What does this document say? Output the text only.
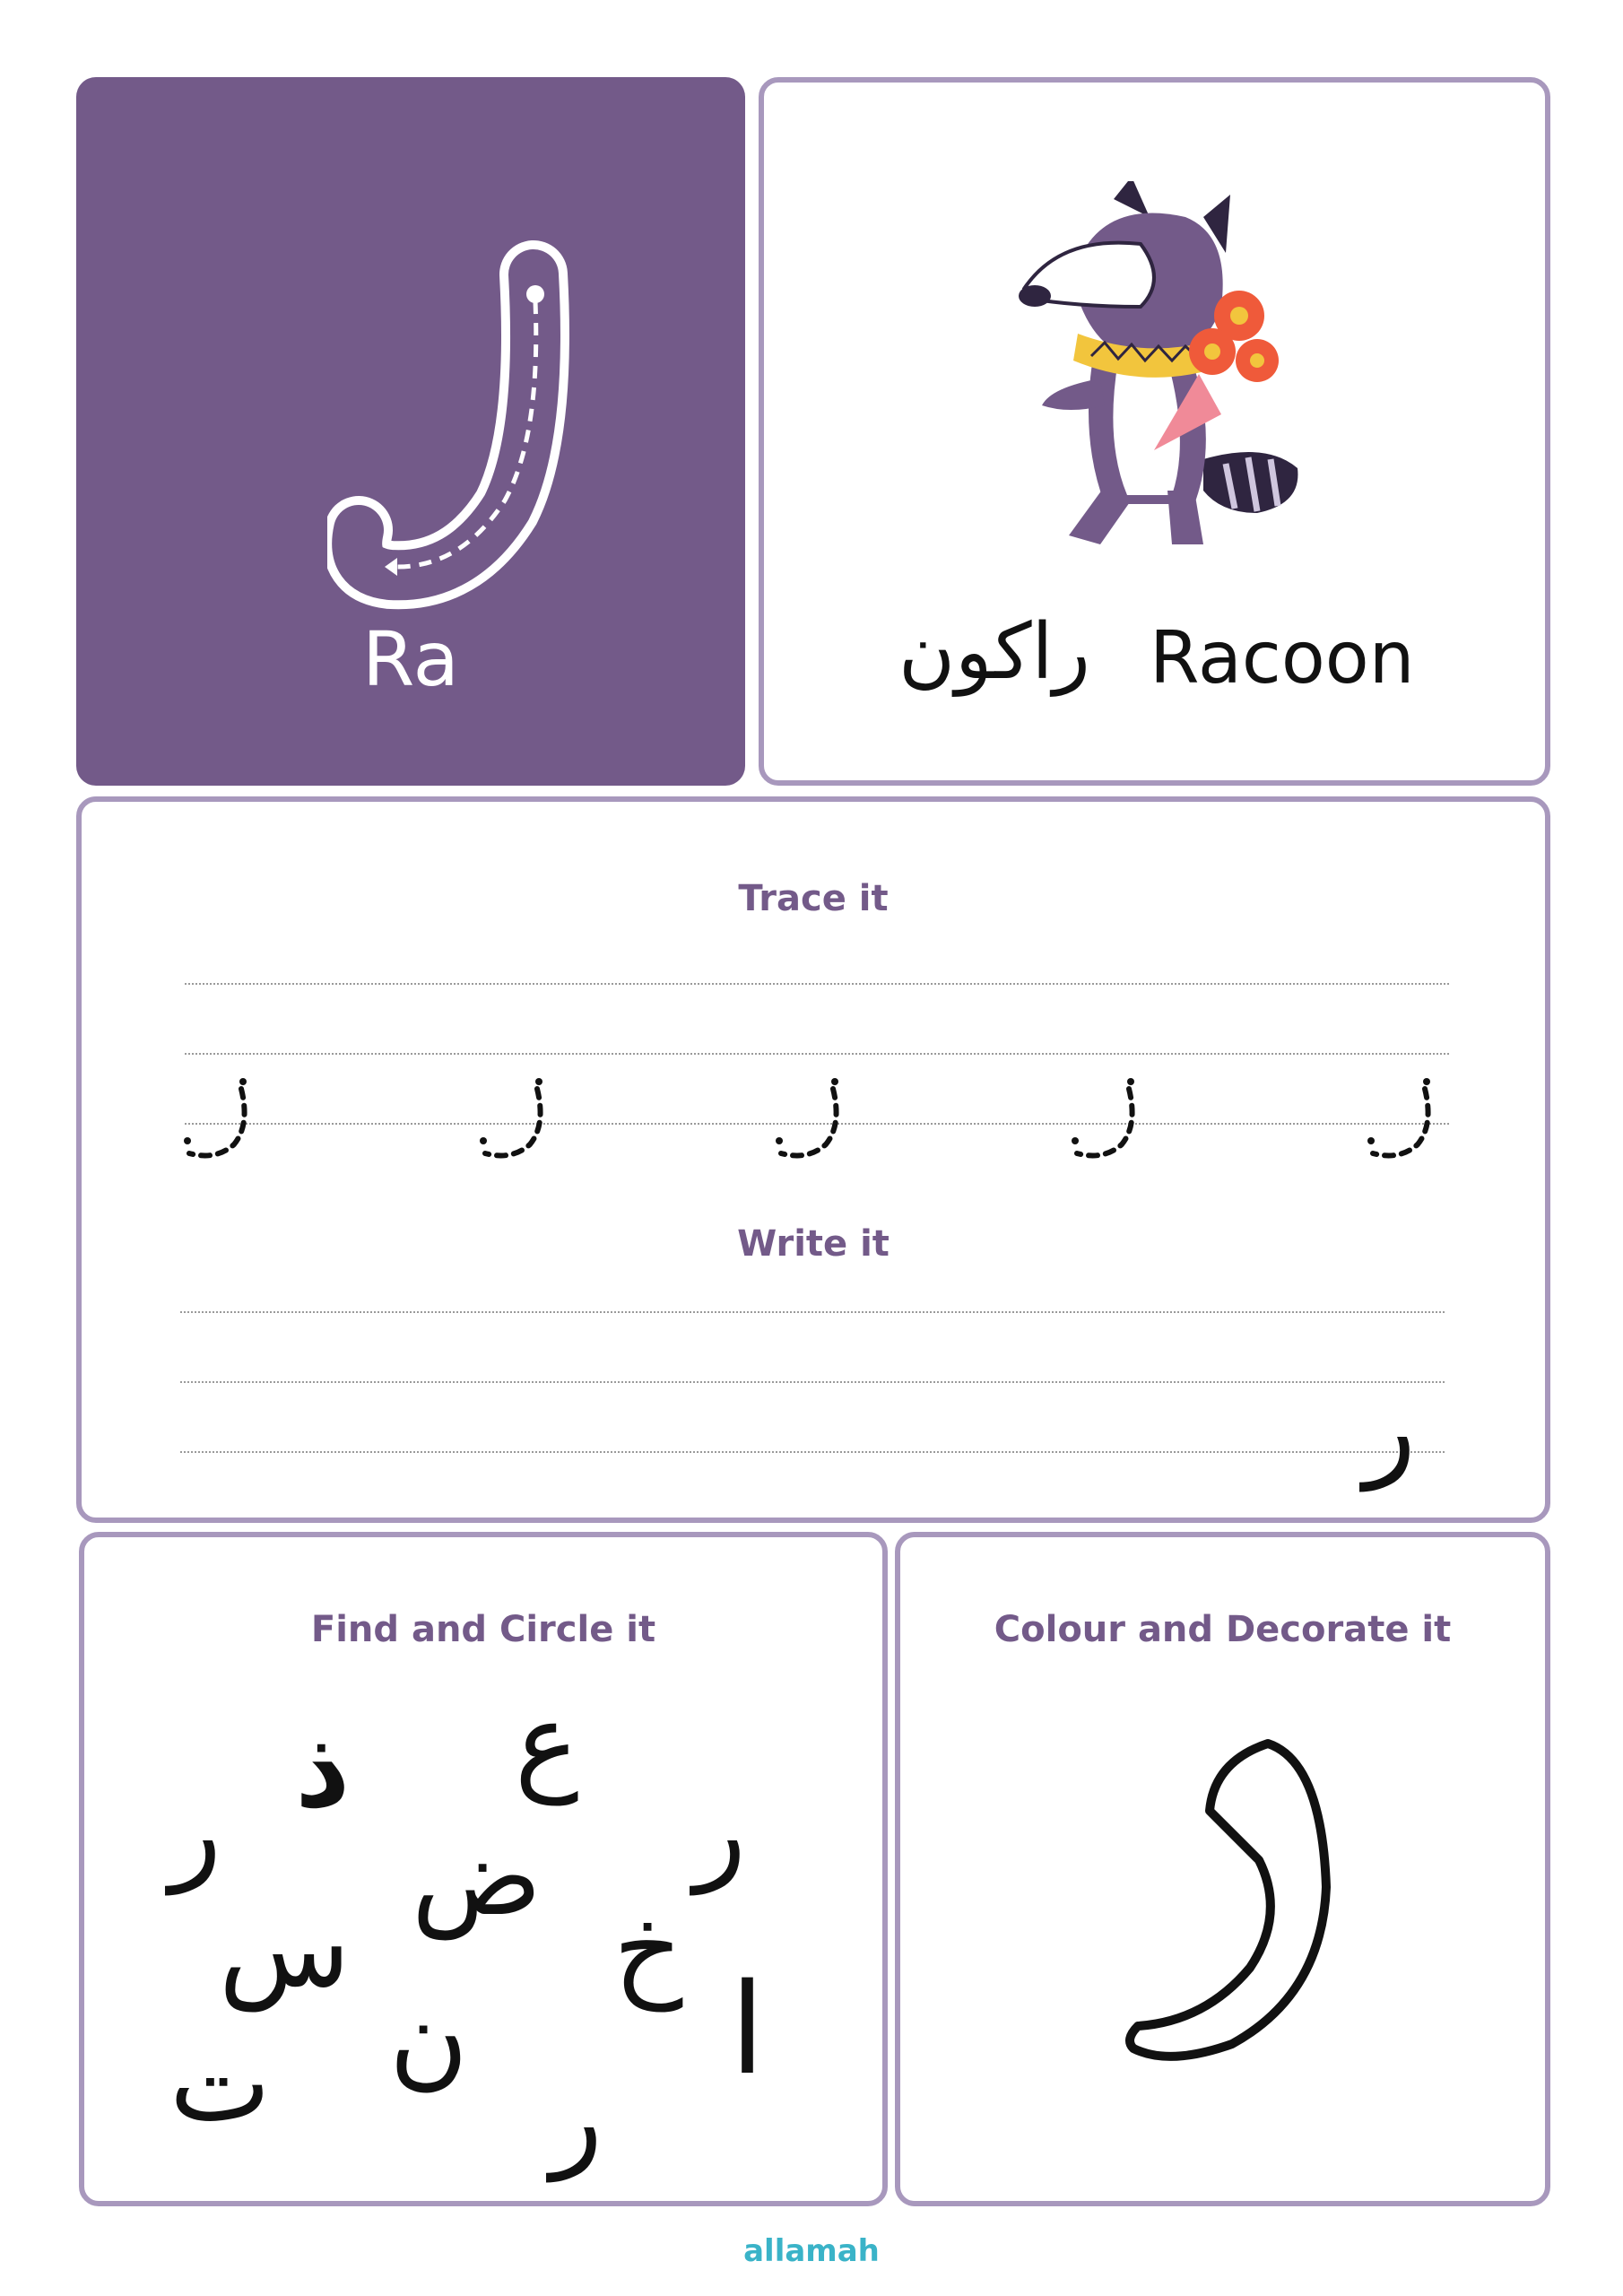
Ra	راكون Racoon
Trace it
Write it
ر
Find and Circle it
ر
ذ ع
ر
ض
س خ
ا
ت ن
ر
Colour and Decorate it
allamah
